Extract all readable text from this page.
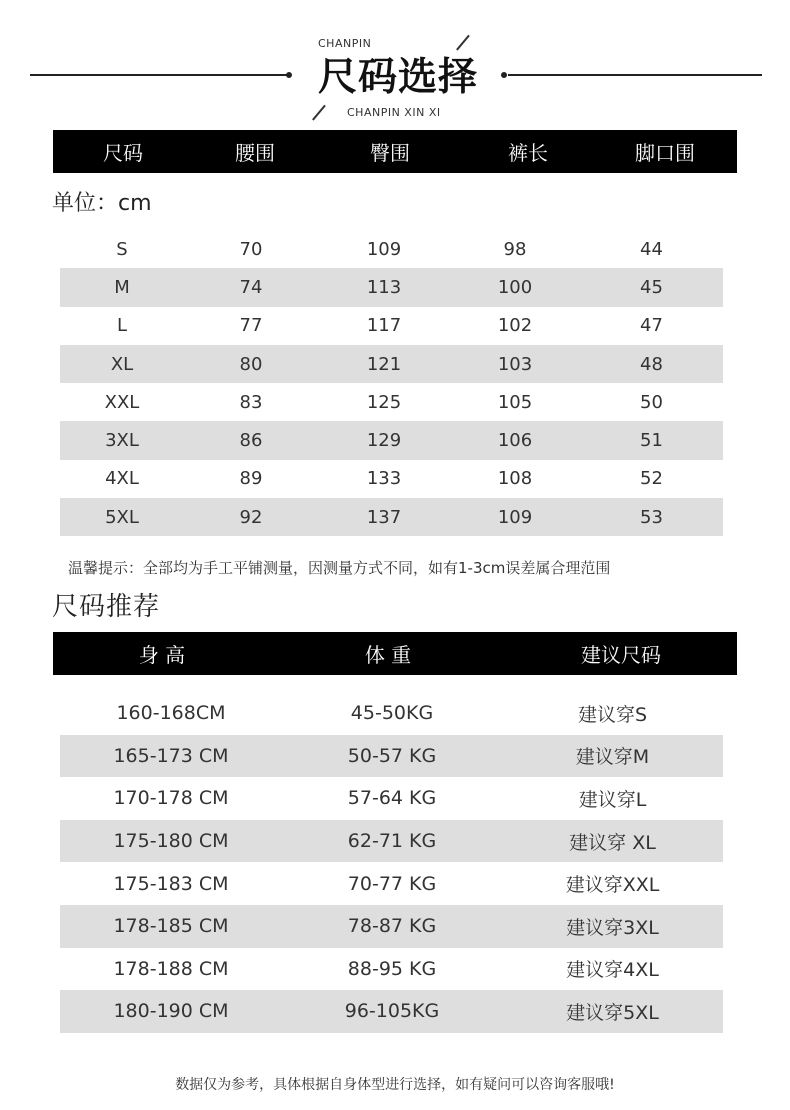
CHANPIN
尺码选择
CHANPIN XIN XI
尺码	腰围	臀围	裤长	脚口围
单位：cm
S	70	109	98	44
M	74	113	100	45
L	77	117	102	47
XL	80	121	103	48
XXL	83	125	105	50
3XL	86	129	106	51
4XL	89	133	108	52
5XL	92	137	109	53
温馨提示：全部均为手工平铺测量，因测量方式不同，如有1-3cm误差属合理范围
尺码推荐
身 高	体 重	建议尺码
160-168CM	45-50KG	建议穿S
165-173 CM	50-57 KG	建议穿M
170-178 CM	57-64 KG	建议穿L
175-180 CM	62-71 KG	建议穿 XL
175-183 CM	70-77 KG	建议穿XXL
178-185 CM	78-87 KG	建议穿3XL
178-188 CM	88-95 KG	建议穿4XL
180-190 CM	96-105KG	建议穿5XL
数据仅为参考，具体根据自身体型进行选择，如有疑问可以咨询客服哦!
